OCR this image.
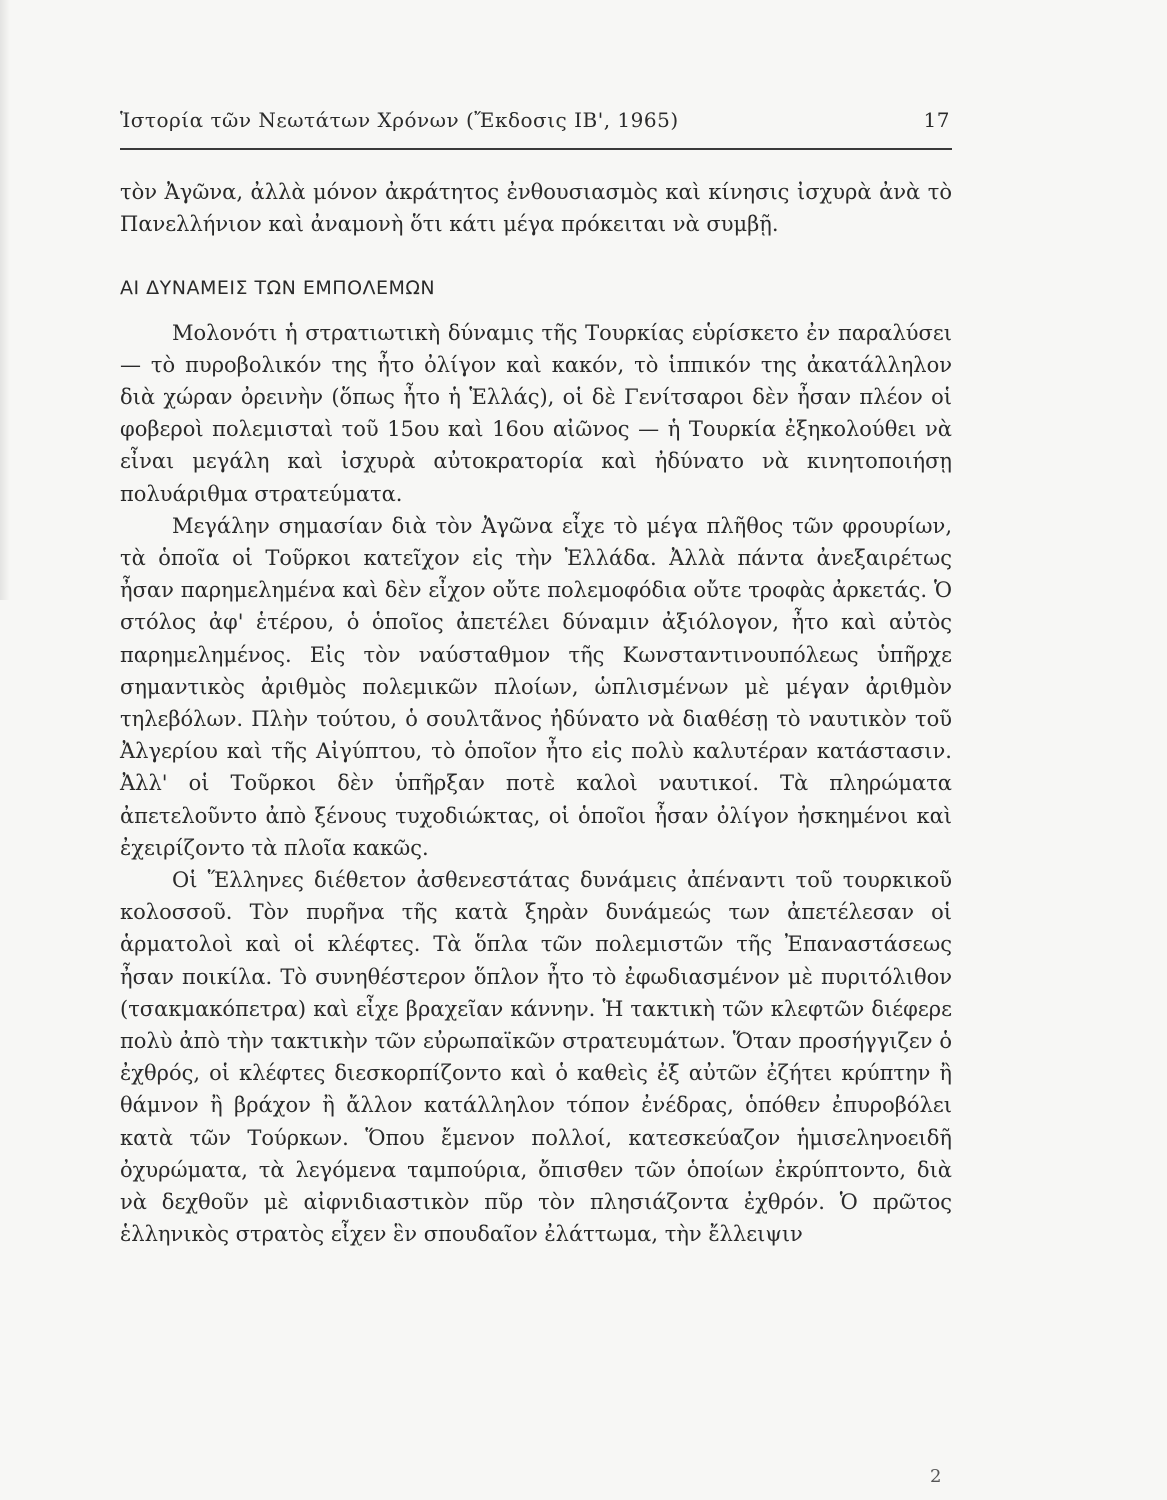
Ἱστορία τῶν Νεωτάτων Χρόνων (Ἔκδοσις ΙΒ', 1965)	17

τὸν Ἀγῶνα, ἀλλὰ μόνον ἀκράτητος ἐνθουσιασμὸς καὶ κίνησις ἰσχυρὰ ἀνὰ τὸ Πανελλήνιον καὶ ἀναμονὴ ὅτι κάτι μέγα πρόκειται νὰ συμβῇ.

ΑΙ ΔΥΝΑΜΕΙΣ ΤΩΝ ΕΜΠΟΛΕΜΩΝ

Μολονότι ἡ στρατιωτικὴ δύναμις τῆς Τουρκίας εὑρίσκετο ἐν παραλύσει — τὸ πυροβολικόν της ἦτο ὀλίγον καὶ κακόν, τὸ ἱππικόν της ἀκατάλληλον διὰ χώραν ὀρεινὴν (ὅπως ἦτο ἡ Ἑλλάς), οἱ δὲ Γενίτσαροι δὲν ἦσαν πλέον οἱ φοβεροὶ πολεμισταὶ τοῦ 15ου καὶ 16ου αἰῶνος — ἡ Τουρκία ἐξηκολούθει νὰ εἶναι μεγάλη καὶ ἰσχυρὰ αὐτοκρατορία καὶ ἠδύνατο νὰ κινητοποιήσῃ πολυάριθμα στρατεύματα.

Μεγάλην σημασίαν διὰ τὸν Ἀγῶνα εἶχε τὸ μέγα πλῆθος τῶν φρουρίων, τὰ ὁποῖα οἱ Τοῦρκοι κατεῖχον εἰς τὴν Ἑλλάδα. Ἀλλὰ πάντα ἀνεξαιρέτως ἦσαν παρημελημένα καὶ δὲν εἶχον οὔτε πολεμοφόδια οὔτε τροφὰς ἀρκετάς. Ὁ στόλος ἀφ' ἑτέρου, ὁ ὁποῖος ἀπετέλει δύναμιν ἀξιόλογον, ἦτο καὶ αὐτὸς παρημελημένος. Εἰς τὸν ναύσταθμον τῆς Κωνσταντινουπόλεως ὑπῆρχε σημαντικὸς ἀριθμὸς πολεμικῶν πλοίων, ὡπλισμένων μὲ μέγαν ἀριθμὸν τηλεβόλων. Πλὴν τούτου, ὁ σουλτᾶνος ἠδύνατο νὰ διαθέσῃ τὸ ναυτικὸν τοῦ Ἀλγερίου καὶ τῆς Αἰγύπτου, τὸ ὁποῖον ἦτο εἰς πολὺ καλυτέραν κατάστασιν. Ἀλλ' οἱ Τοῦρκοι δὲν ὑπῆρξαν ποτὲ καλοὶ ναυτικοί. Τὰ πληρώματα ἀπετελοῦντο ἀπὸ ξένους τυχοδιώκτας, οἱ ὁποῖοι ἦσαν ὀλίγον ἠσκημένοι καὶ ἐχειρίζοντο τὰ πλοῖα κακῶς.

Οἱ Ἕλληνες διέθετον ἀσθενεστάτας δυνάμεις ἀπέναντι τοῦ τουρκικοῦ κολοσσοῦ. Τὸν πυρῆνα τῆς κατὰ ξηρὰν δυνάμεώς των ἀπετέλεσαν οἱ ἁρματολοὶ καὶ οἱ κλέφτες. Τὰ ὅπλα τῶν πολεμιστῶν τῆς Ἐπαναστάσεως ἦσαν ποικίλα. Τὸ συνηθέστερον ὅπλον ἦτο τὸ ἐφωδιασμένον μὲ πυριτόλιθον (τσακμακόπετρα) καὶ εἶχε βραχεῖαν κάννην. Ἡ τακτικὴ τῶν κλεφτῶν διέφερε πολὺ ἀπὸ τὴν τακτικὴν τῶν εὐρωπαϊκῶν στρατευμάτων. Ὅταν προσήγγιζεν ὁ ἐχθρός, οἱ κλέφτες διεσκορπίζοντο καὶ ὁ καθεὶς ἐξ αὐτῶν ἐζήτει κρύπτην ἢ θάμνον ἢ βράχον ἢ ἄλλον κατάλληλον τόπον ἐνέδρας, ὁπόθεν ἐπυροβόλει κατὰ τῶν Τούρκων. Ὅπου ἔμενον πολλοί, κατεσκεύαζον ἡμισεληνοειδῆ ὀχυρώματα, τὰ λεγόμενα ταμπούρια, ὄπισθεν τῶν ὁποίων ἐκρύπτοντο, διὰ νὰ δεχθοῦν μὲ αἰφνιδιαστικὸν πῦρ τὸν πλησιάζοντα ἐχθρόν. Ὁ πρῶτος ἑλληνικὸς στρατὸς εἶχεν ἓν σπουδαῖον ἐλάττωμα, τὴν ἔλλειψιν

2
